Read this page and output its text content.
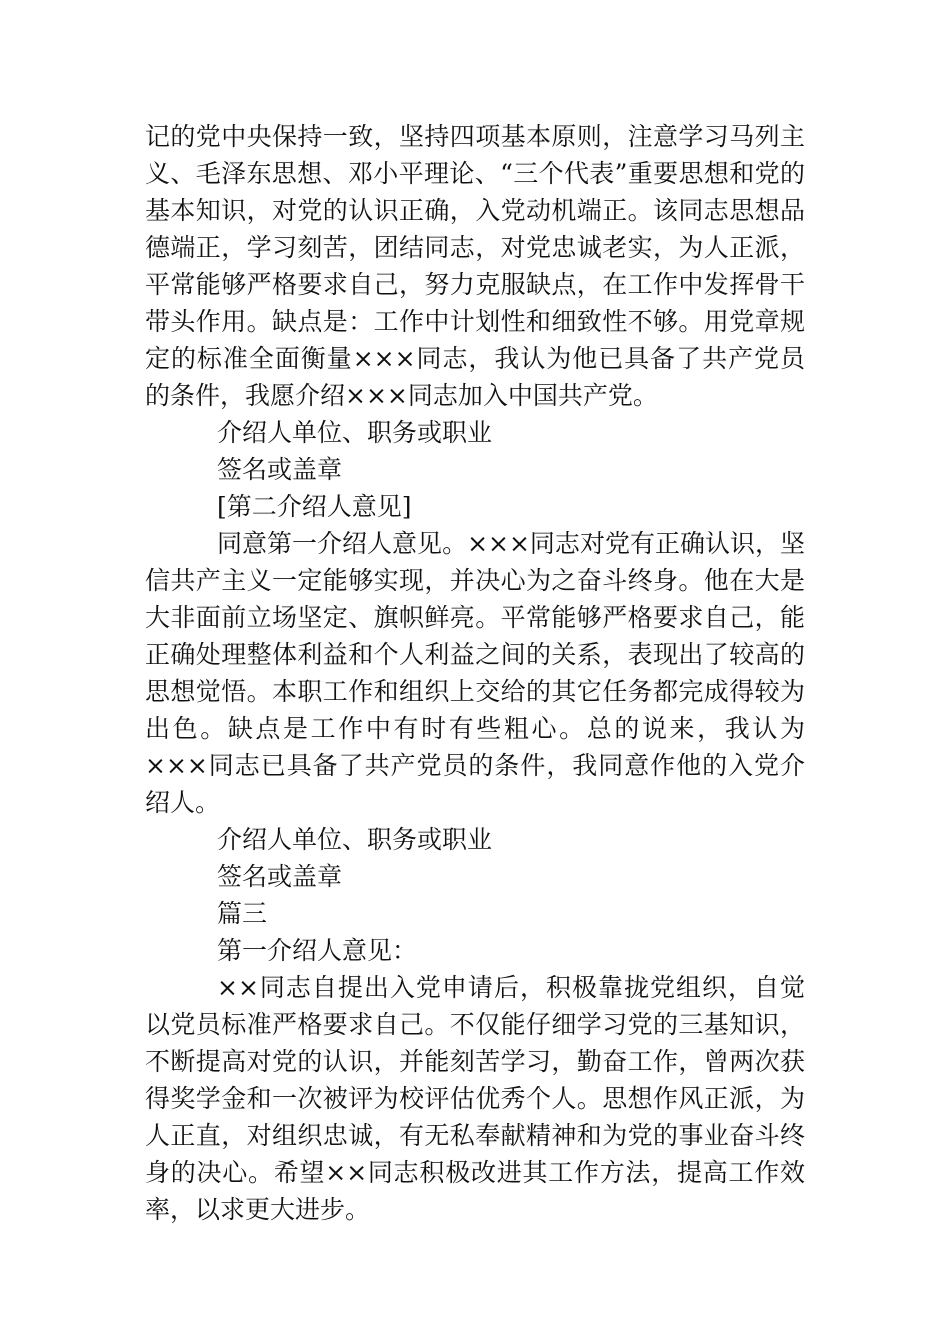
记的党中央保持一致，坚持四项基本原则，注意学习马列主义、毛泽东思想、邓小平理论、“三个代表”重要思想和党的基本知识，对党的认识正确，入党动机端正。该同志思想品德端正，学习刻苦，团结同志，对党忠诚老实，为人正派，平常能够严格要求自己，努力克服缺点，在工作中发挥骨干带头作用。缺点是：工作中计划性和细致性不够。用党章规定的标准全面衡量×××同志，我认为他已具备了共产党员的条件，我愿介绍×××同志加入中国共产党。

介绍人单位、职务或职业

签名或盖章

[第二介绍人意见]

同意第一介绍人意见。×××同志对党有正确认识，坚信共产主义一定能够实现，并决心为之奋斗终身。他在大是大非面前立场坚定、旗帜鲜亮。平常能够严格要求自己，能正确处理整体利益和个人利益之间的关系，表现出了较高的思想觉悟。本职工作和组织上交给的其它任务都完成得较为出色。缺点是工作中有时有些粗心。总的说来，我认为×××同志已具备了共产党员的条件，我同意作他的入党介绍人。

介绍人单位、职务或职业

签名或盖章

篇三

第一介绍人意见：

××同志自提出入党申请后，积极靠拢党组织，自觉以党员标准严格要求自己。不仅能仔细学习党的三基知识，不断提高对党的认识，并能刻苦学习，勤奋工作，曾两次获得奖学金和一次被评为校评估优秀个人。思想作风正派，为人正直，对组织忠诚，有无私奉献精神和为党的事业奋斗终身的决心。希望××同志积极改进其工作方法，提高工作效率，以求更大进步。
